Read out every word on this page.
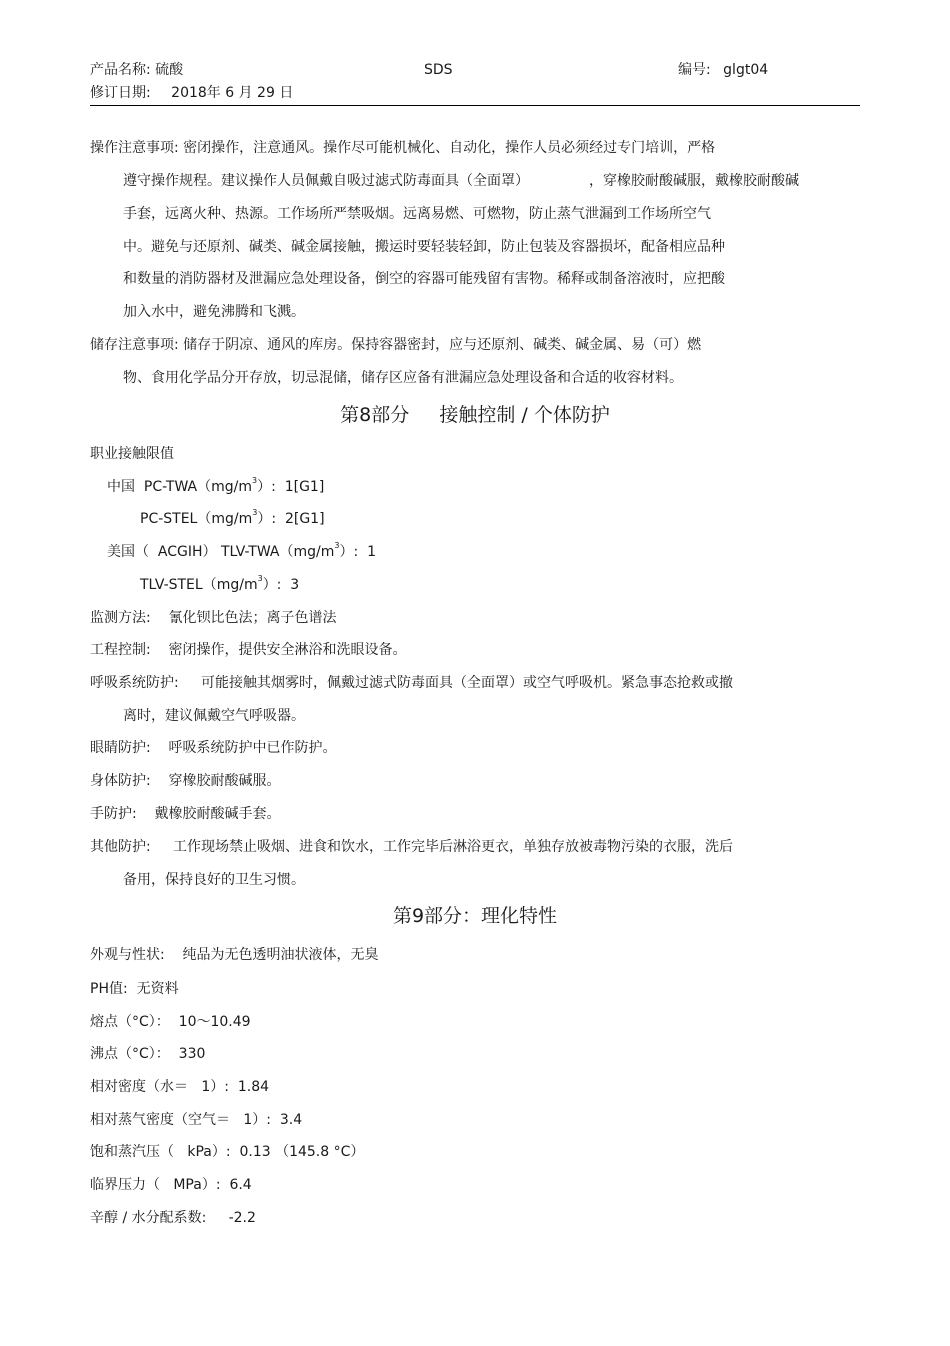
产品名称: 硫酸	SDS	编号: glgt04
修订日期: 2018年 6 月 29 日
操作注意事项: 密闭操作，注意通风。操作尽可能机械化、自动化，操作人员必须经过专门培训，严格
遵守操作规程。建议操作人员佩戴自吸过滤式防毒面具（全面罩）	，穿橡胶耐酸碱服，戴橡胶耐酸碱
手套，远离火种、热源。工作场所严禁吸烟。远离易燃、可燃物，防止蒸气泄漏到工作场所空气
中。避免与还原剂、碱类、碱金属接触，搬运时要轻装轻卸，防止包装及容器损坏，配备相应品种
和数量的消防器材及泄漏应急处理设备，倒空的容器可能残留有害物。稀释或制备溶液时，应把酸
加入水中，避免沸腾和飞溅。
储存注意事项: 储存于阴凉、通风的库房。保持容器密封，应与还原剂、碱类、碱金属、易（可）燃
物、食用化学品分开存放，切忌混储，储存区应备有泄漏应急处理设备和合适的收容材料。
第8部分     接触控制 / 个体防护
职业接触限值
中国 $PC-TWA(mg/m^3)$:  1[G1]
$PC-STEL(mg/m^3)$:  2[G1]
美国（  ACGIH） TLV-$TWA(mg/m^3)$:  1
TLV-$STEL(mg/m^3)$:  3
监测方法: 氰化钡比色法；离子色谱法
工程控制: 密闭操作，提供安全淋浴和洗眼设备。
呼吸系统防护: 可能接触其烟雾时，佩戴过滤式防毒面具（全面罩）或空气呼吸机。紧急事态抢救或撤
离时，建议佩戴空气呼吸器。
眼睛防护: 呼吸系统防护中已作防护。
身体防护: 穿橡胶耐酸碱服。
手防护: 戴橡胶耐酸碱手套。
其他防护: 工作现场禁止吸烟、进食和饮水，工作完毕后淋浴更衣，单独存放被毒物污染的衣服，洗后
备用，保持良好的卫生习惯。
第9部分：理化特性
外观与性状: 纯品为无色透明油状液体，无臭
PH值:  无资料
熔点（°C）：  10～10.49
沸点（°C）：  330
相对密度（水＝   1）:  1.84
相对蒸气密度（空气＝   1）:  3.4
饱和蒸汽压（   kPa）:  0.13 （145.8 °C）
临界压力（   MPa）:  6.4
辛醇 / 水分配系数:     -2.2
